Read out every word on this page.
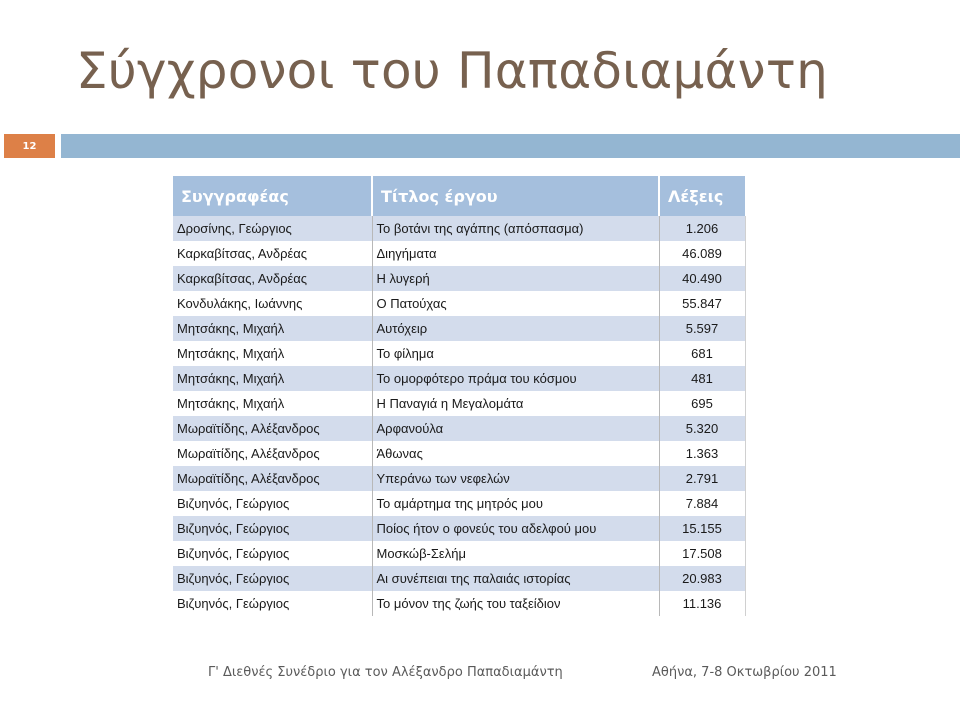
Σύγχρονοι του Παπαδιαμάντη
12
Συγγραφέας	Τίτλος έργου	Λέξεις
Δροσίνης, Γεώργιος	Το βοτάνι της αγάπης (απόσπασμα)	1.206
Καρκαβίτσας, Ανδρέας	Διηγήματα	46.089
Καρκαβίτσας, Ανδρέας	Η λυγερή	40.490
Κονδυλάκης, Ιωάννης	Ο Πατούχας	55.847
Μητσάκης, Μιχαήλ	Αυτόχειρ	5.597
Μητσάκης, Μιχαήλ	Το φίλημα	681
Μητσάκης, Μιχαήλ	Το ομορφότερο πράμα του κόσμου	481
Μητσάκης, Μιχαήλ	Η Παναγιά η Μεγαλομάτα	695
Μωραϊτίδης, Αλέξανδρος	Αρφανούλα	5.320
Μωραϊτίδης, Αλέξανδρος	Άθωνας	1.363
Μωραϊτίδης, Αλέξανδρος	Υπεράνω των νεφελών	2.791
Βιζυηνός, Γεώργιος	Το αμάρτημα της μητρός μου	7.884
Βιζυηνός, Γεώργιος	Ποίος ήτον ο φονεύς του αδελφού μου	15.155
Βιζυηνός, Γεώργιος	Μοσκώβ-Σελήμ	17.508
Βιζυηνός, Γεώργιος	Αι συνέπειαι της παλαιάς ιστορίας	20.983
Βιζυηνός, Γεώργιος	Το μόνον της ζωής του ταξείδιον	11.136
Γ' Διεθνές Συνέδριο για τον Αλέξανδρο Παπαδιαμάντη	Αθήνα, 7-8 Οκτωβρίου 2011
